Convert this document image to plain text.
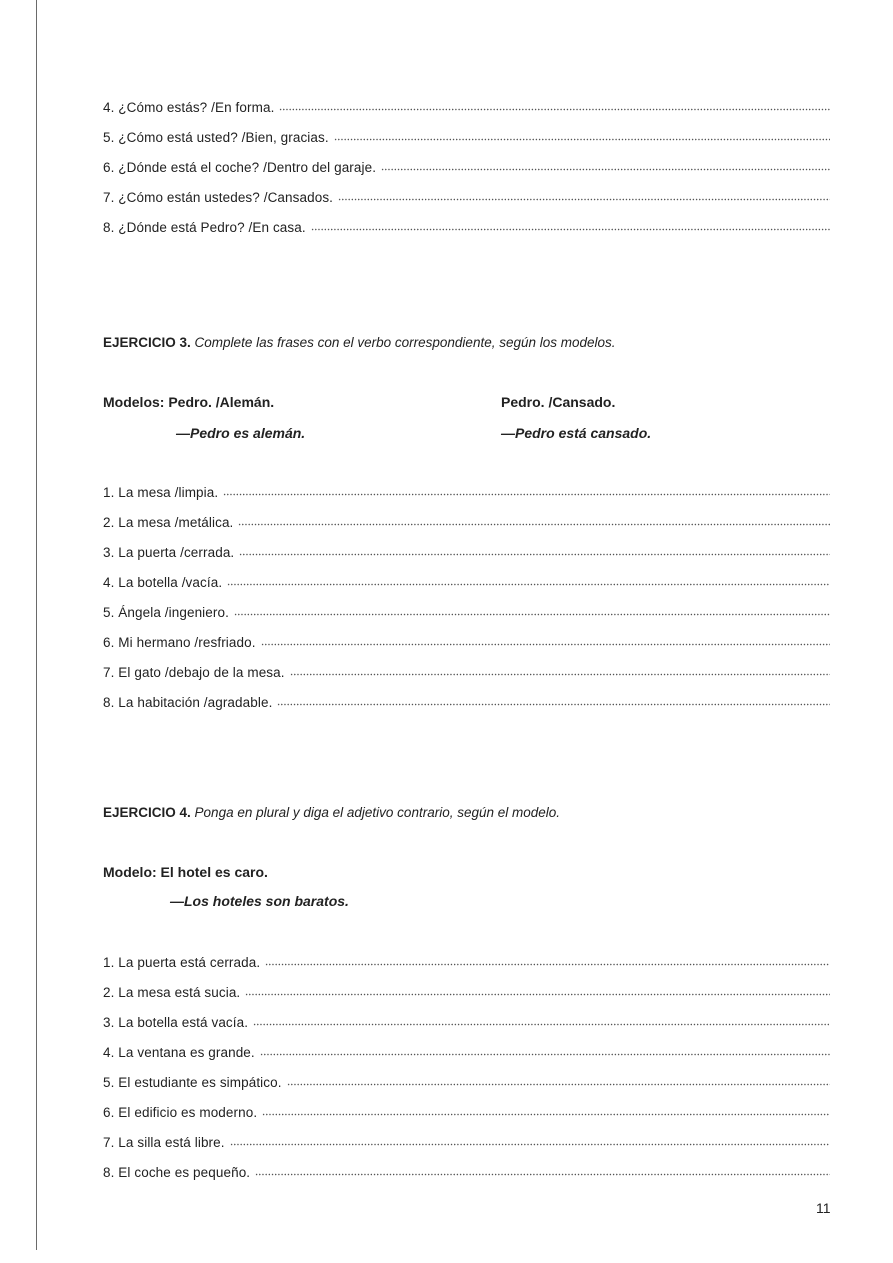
4. ¿Cómo estás? /En forma.
5. ¿Cómo está usted? /Bien, gracias.
6. ¿Dónde está el coche? /Dentro del garaje.
7. ¿Cómo están ustedes? /Cansados.
8. ¿Dónde está Pedro? /En casa.
EJERCICIO 3. Complete las frases con el verbo correspondiente, según los modelos.
Modelos: Pedro. /Alemán.
—Pedro es alemán.
Pedro. /Cansado.
—Pedro está cansado.
1. La mesa /limpia.
2. La mesa /metálica.
3. La puerta /cerrada.
4. La botella /vacía.
5. Ángela /ingeniero.
6. Mi hermano /resfriado.
7. El gato /debajo de la mesa.
8. La habitación /agradable.
EJERCICIO 4. Ponga en plural y diga el adjetivo contrario, según el modelo.
Modelo: El hotel es caro.
—Los hoteles son baratos.
1. La puerta está cerrada.
2. La mesa está sucia.
3. La botella está vacía.
4. La ventana es grande.
5. El estudiante es simpático.
6. El edificio es moderno.
7. La silla está libre.
8. El coche es pequeño.
11
